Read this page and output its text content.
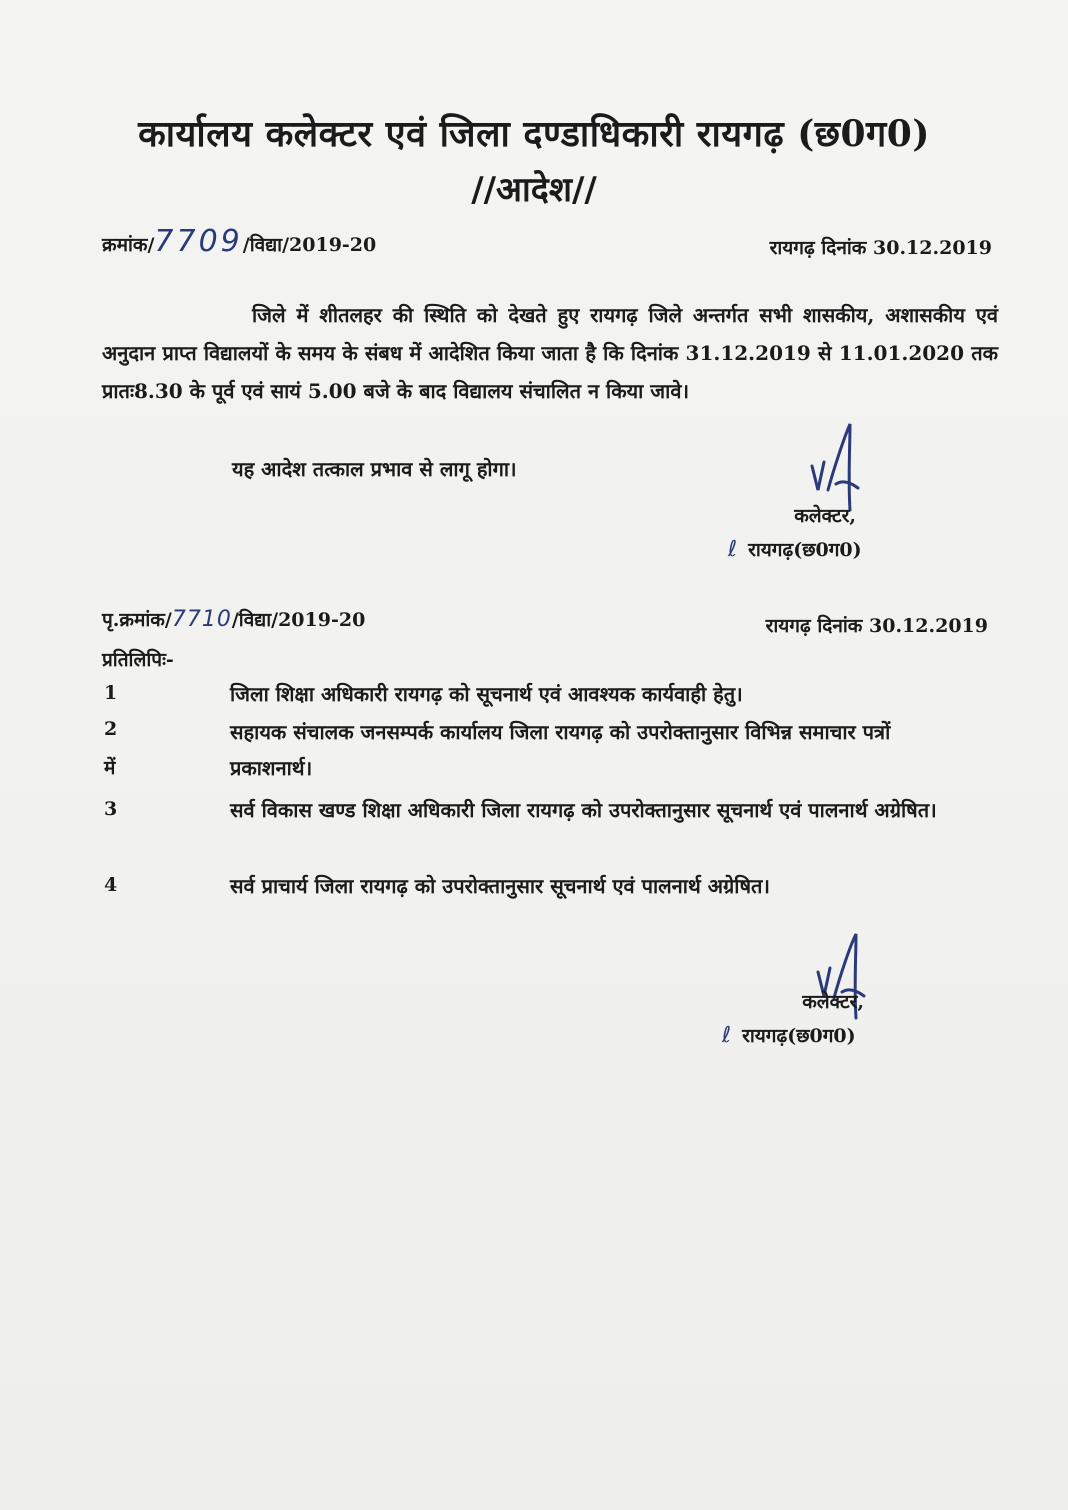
कार्यालय कलेक्टर एवं जिला दण्डाधिकारी रायगढ़ (छ0ग0)
//आदेश//
क्रमांक/7709/विद्या/2019-20	रायगढ़ दिनांक 30.12.2019
जिले में शीतलहर की स्थिति को देखते हुए रायगढ़ जिले अन्तर्गत सभी शासकीय, अशासकीय एवं अनुदान प्राप्त विद्यालयों के समय के संबध में आदेशित किया जाता है कि दिनांक 31.12.2019 से 11.01.2020 तक प्रातः8.30 के पूर्व एवं सायं 5.00 बजे के बाद विद्यालय संचालित न किया जावे।
यह आदेश तत्काल प्रभाव से लागू होगा।
कलेक्टर,
ℓ रायगढ़(छ0ग0)
पृ.क्रमांक/7710/विद्या/2019-20	रायगढ़ दिनांक 30.12.2019
प्रतिलिपिः-
1	जिला शिक्षा अधिकारी रायगढ़ को सूचनार्थ एवं आवश्यक कार्यवाही हेतु।
2	सहायक संचालक जनसम्पर्क कार्यालय जिला रायगढ़ को उपरोक्तानुसार विभिन्न समाचार पत्रों
में	प्रकाशनार्थ।
3	सर्व विकास खण्ड शिक्षा अधिकारी जिला रायगढ़ को उपरोक्तानुसार सूचनार्थ एवं पालनार्थ अग्रेषित।
4	सर्व प्राचार्य जिला रायगढ़ को उपरोक्तानुसार सूचनार्थ एवं पालनार्थ अग्रेषित।
कलेक्टर,
ℓ रायगढ़(छ0ग0)
